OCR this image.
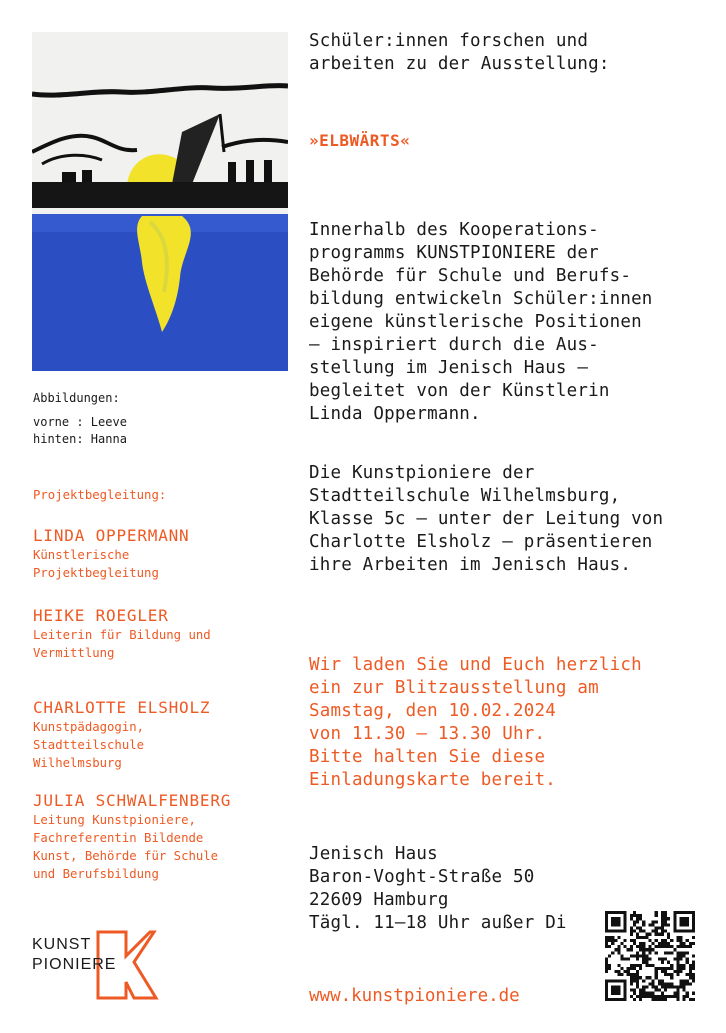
Abbildungen:
vorne : Leeve
hinten: Hanna
Projektbegleitung:
LINDA OPPERMANN
Künstlerische
Projektbegleitung
HEIKE ROEGLER
Leiterin für Bildung und
Vermittlung
CHARLOTTE ELSHOLZ
Kunstpädagogin,
Stadtteilschule
Wilhelmsburg
JULIA SCHWALFENBERG
Leitung Kunstpioniere,
Fachreferentin Bildende
Kunst, Behörde für Schule
und Berufsbildung
KUNST
PIONIERE
Schüler:innen forschen und
arbeiten zu der Ausstellung:
»ELBWÄRTS«
Innerhalb des Kooperations-
programms KUNSTPIONIERE der
Behörde für Schule und Berufs-
bildung entwickeln Schüler:innen
eigene künstlerische Positionen
– inspiriert durch die Aus-
stellung im Jenisch Haus –
begleitet von der Künstlerin
Linda Oppermann.
Die Kunstpioniere der
Stadtteilschule Wilhelmsburg,
Klasse 5c – unter der Leitung von
Charlotte Elsholz – präsentieren
ihre Arbeiten im Jenisch Haus.
Wir laden Sie und Euch herzlich
ein zur Blitzausstellung am
Samstag, den 10.02.2024
von 11.30 – 13.30 Uhr.
Bitte halten Sie diese
Einladungskarte bereit.
Jenisch Haus
Baron-Voght-Straße 50
22609 Hamburg
Tägl. 11–18 Uhr außer Di
www.kunstpioniere.de
